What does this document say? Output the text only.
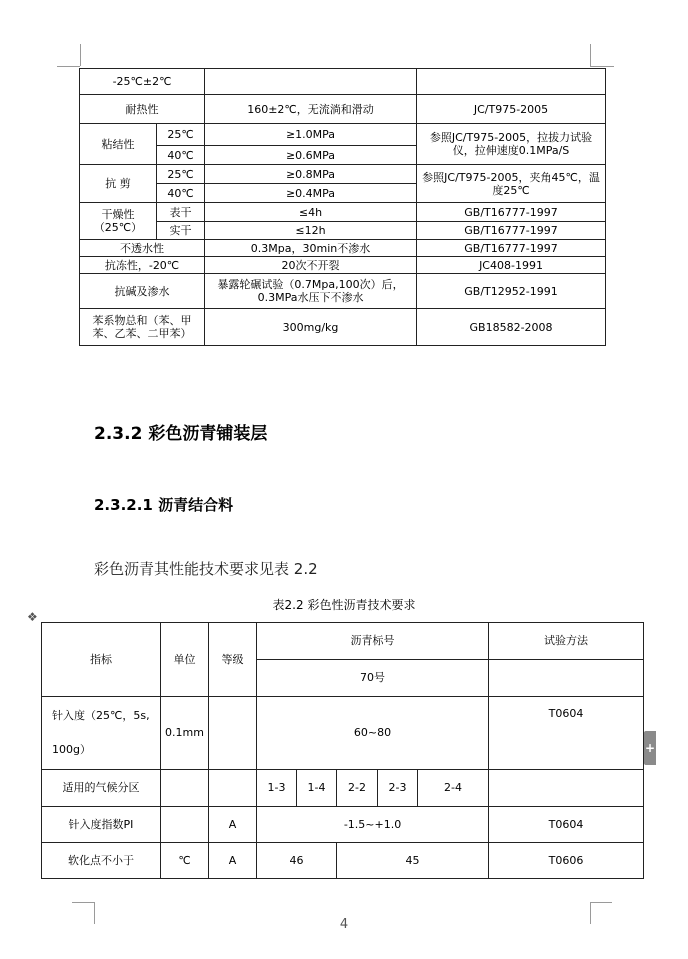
-25℃±2℃			
耐热性		160±2℃，无流淌和滑动	JC/T975-2005
粘结性	25℃	≥1.0MPa	参照JC/T975-2005，拉拔力试验仪，拉伸速度0.1MPa/S
	40℃	≥0.6MPa	
抗 剪	25℃	≥0.8MPa	参照JC/T975-2005，夹角45℃，温度25℃
	40℃	≥0.4MPa	
干燥性（25℃）	表干	≤4h	GB/T16777-1997
	实干	≤12h	GB/T16777-1997
不透水性		0.3Mpa，30min不渗水	GB/T16777-1997
抗冻性，-20℃		20次不开裂	JC408-1991
抗碱及渗水		暴露轮碾试验（0.7Mpa,100次）后，0.3MPa水压下不渗水	GB/T12952-1991
苯系物总和（苯、甲苯、乙苯、二甲苯）		300mg/kg	GB18582-2008
2.3.2 彩色沥青铺装层
2.3.2.1 沥青结合料
彩色沥青其性能技术要求见表 2.2
表2.2 彩色性沥青技术要求
❖
指标	单位	等级	沥青标号					试验方法
			70号					

针入度（25℃，5s,
100g）	0.1mm		60~80					T0604
适用的气候分区			1-3	1-4	2-2	2-3	2-4	
针入度指数PI		A	-1.5~+1.0					T0604
软化点不小于	℃	A	46		45			T0606
+
4
